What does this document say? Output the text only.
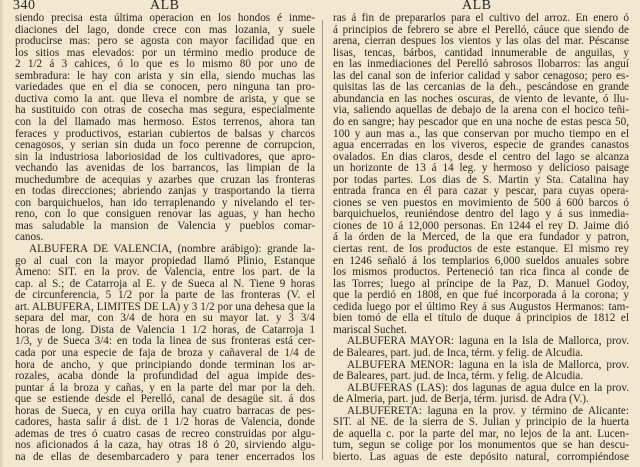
340	ALB	ALB
siendo precisa esta última operacion en los hondos é inme-
diaciones del lago, donde crece con mas lozania, y suele
producirse mas: pero se agosta con mayor facilidad que en
los sitios mas elevados: por un término medio produce de
2 1/2 á 3 cahices, ó lo que es lo mismo 80 por uno de
sembradura: le hay con arista y sin ella, siendo muchas las
variedades que en el dia se conocen, pero ninguna tan pro-
ductiva como la ant. que lleva el nombre de arista, y que se
ha sustituido con otras de cosecha mas segura, especialmente
con la del llamado mas hermoso. Estos terrenos, ahora tan
feraces y productivos, estarian cubiertos de balsas y charcos
cenagosos, y serian sin duda un foco perenne de corrupcion,
sin la industriosa laboriosidad de los cultivadores, que apro-
vechando las avenidas de los barrancos, las limpian de la
muchedumbre de acequias y azarbes que cruzan las fronteras
en todas direcciones; abriendo zanjas y trasportando la tierra
con barquichuelos, han ido terraplenando y nivelando el ter-
reno, con lo que consiguen renovar las aguas, y han hecho
mas saludable la mansion de Valencia y pueblos comar-
canos.
ALBUFERA DE VALENCIA, (nombre arábigo): grande la-
go al cual con la mayor propiedad llamó Plinio, Estanque
Ameno: SIT. en la prov. de Valencia, entre los part. de la
cap. al S.; de Catarroja al E. y de Sueca al N. Tiene 9 horas
de circunferencia, 5 1/2 por la parte de las fronteras (V. el
art. ALBUFERA, LIMITES DE LA) y 3 1/2 por una dehesa que la
separa del mar, con 3/4 de hora en su mayor lat. y 3 3/4
horas de long. Dista de Valencia 1 1/2 horas, de Catarroja 1
1/3, y de Sueca 3/4: en toda la linea de sus fronteras está cer-
cada por una especie de faja de broza y cañaveral de 1/4 de
hora de ancho, y que principiando donde terminan los ar-
rozales, acaba donde la profundidad del agua impide des-
puntar á la broza y cañas, y en la parte del mar por la deh.
que se estiende desde el Perelló, canal de desagüe sit. á dos
horas de Sueca, y en cuya orilla hay cuatro barracas de pes-
cadores, hasta salir á dist. de 1 1/2 horas de Valencia, donde
ademas de tres ó cuatro casas de recreo construidas por algu-
nos aficionados á la caza, hay otras 18 ó 20, sirviendo algu-
na de ellas de desembarcadero y para tener encerrados los
ras á fin de prepararlos para el cultivo del arroz. En enero ó
á principios de febrero se abre el Perelló, cáuce que siendo de
arena, cierran despues los vientos y las olas del mar. Péscanse
lisas, tencas, bárbos, cantidad innumerable de anguilas, y
en las inmediaciones del Perelló sabrosos llobarros: las anguí
las del canal son de inferior calidad y sabor cenagoso; pero es-
quisitas las de las cercanias de la deh., pescándose en grande
abundancia en las noches oscuras, de viento de levante, ó llu-
via, saliendo aquellas de debajo de la arena con el hocico teñi-
do en sangre; hay pescador que en una noche de estas pesca 50,
100 y aun mas a., las que conservan por mucho tiempo en el
agua encerradas en los viveros, especie de grandes canastos
ovalados. En dias claros, desde el centro del lago se alcanza
un horizonte de 13 á 14 leg. y hermoso y delicioso paisage
por todas partes. Los dias de S. Martin y Sta. Catalina hay
entrada franca en él para cazar y pescar, para cuyas opera-
ciones se ven puestos en movimiento de 500 á 600 barcos ó
barquichuelos, reuniéndose dentro del lago y á sus inmedia-
ciones de 10 á 12,000 personas. En 1244 el rey D. Jaime dió
á la órden de la Merced, de la que era fundador y patron,
ciertas rent. de los productos de este estanque. El mismo rey
en 1246 señaló á los templarios 6,000 sueldos anuales sobre
los mismos productos. Perteneció tan rica finca al conde de
las Torres; luego al príncipe de la Paz, D. Manuel Godoy,
que la perdió en 1808, en que fué incorporada á la corona; y
cedida luego por el último Rey á sus Augustos Hermanos: tam-
bien tomó de ella el título de duque á principios de 1812 el
mariscal Suchet.
ALBUFERA MAYOR: laguna en la Isla de Mallorca, prov.
de Baleares, part. jud. de Inca, térm. y felig. de Alcudia.
ALBUFERA MENOR: laguna en la isla de Mallorca, prov.
de Baleares, part. jud. de Inca, térm. y felig. de Alcudia.
ALBUFERAS (LAS): dos lagunas de agua dulce en la prov.
de Almeria, part. jud. de Berja, térm. jurisd. de Adra (V.).
ALBUFERETA: laguna en la prov. y término de Alicante:
SIT. al NE. de la sierra de S. Julian y principio de la huerta
de aquella c. por la parte del mar, no lejos de la ant. Lucen-
tum, segun se colige por los monumentos que se han descu-
bierto. Las aguas de este depósito natural, corrompiéndose
